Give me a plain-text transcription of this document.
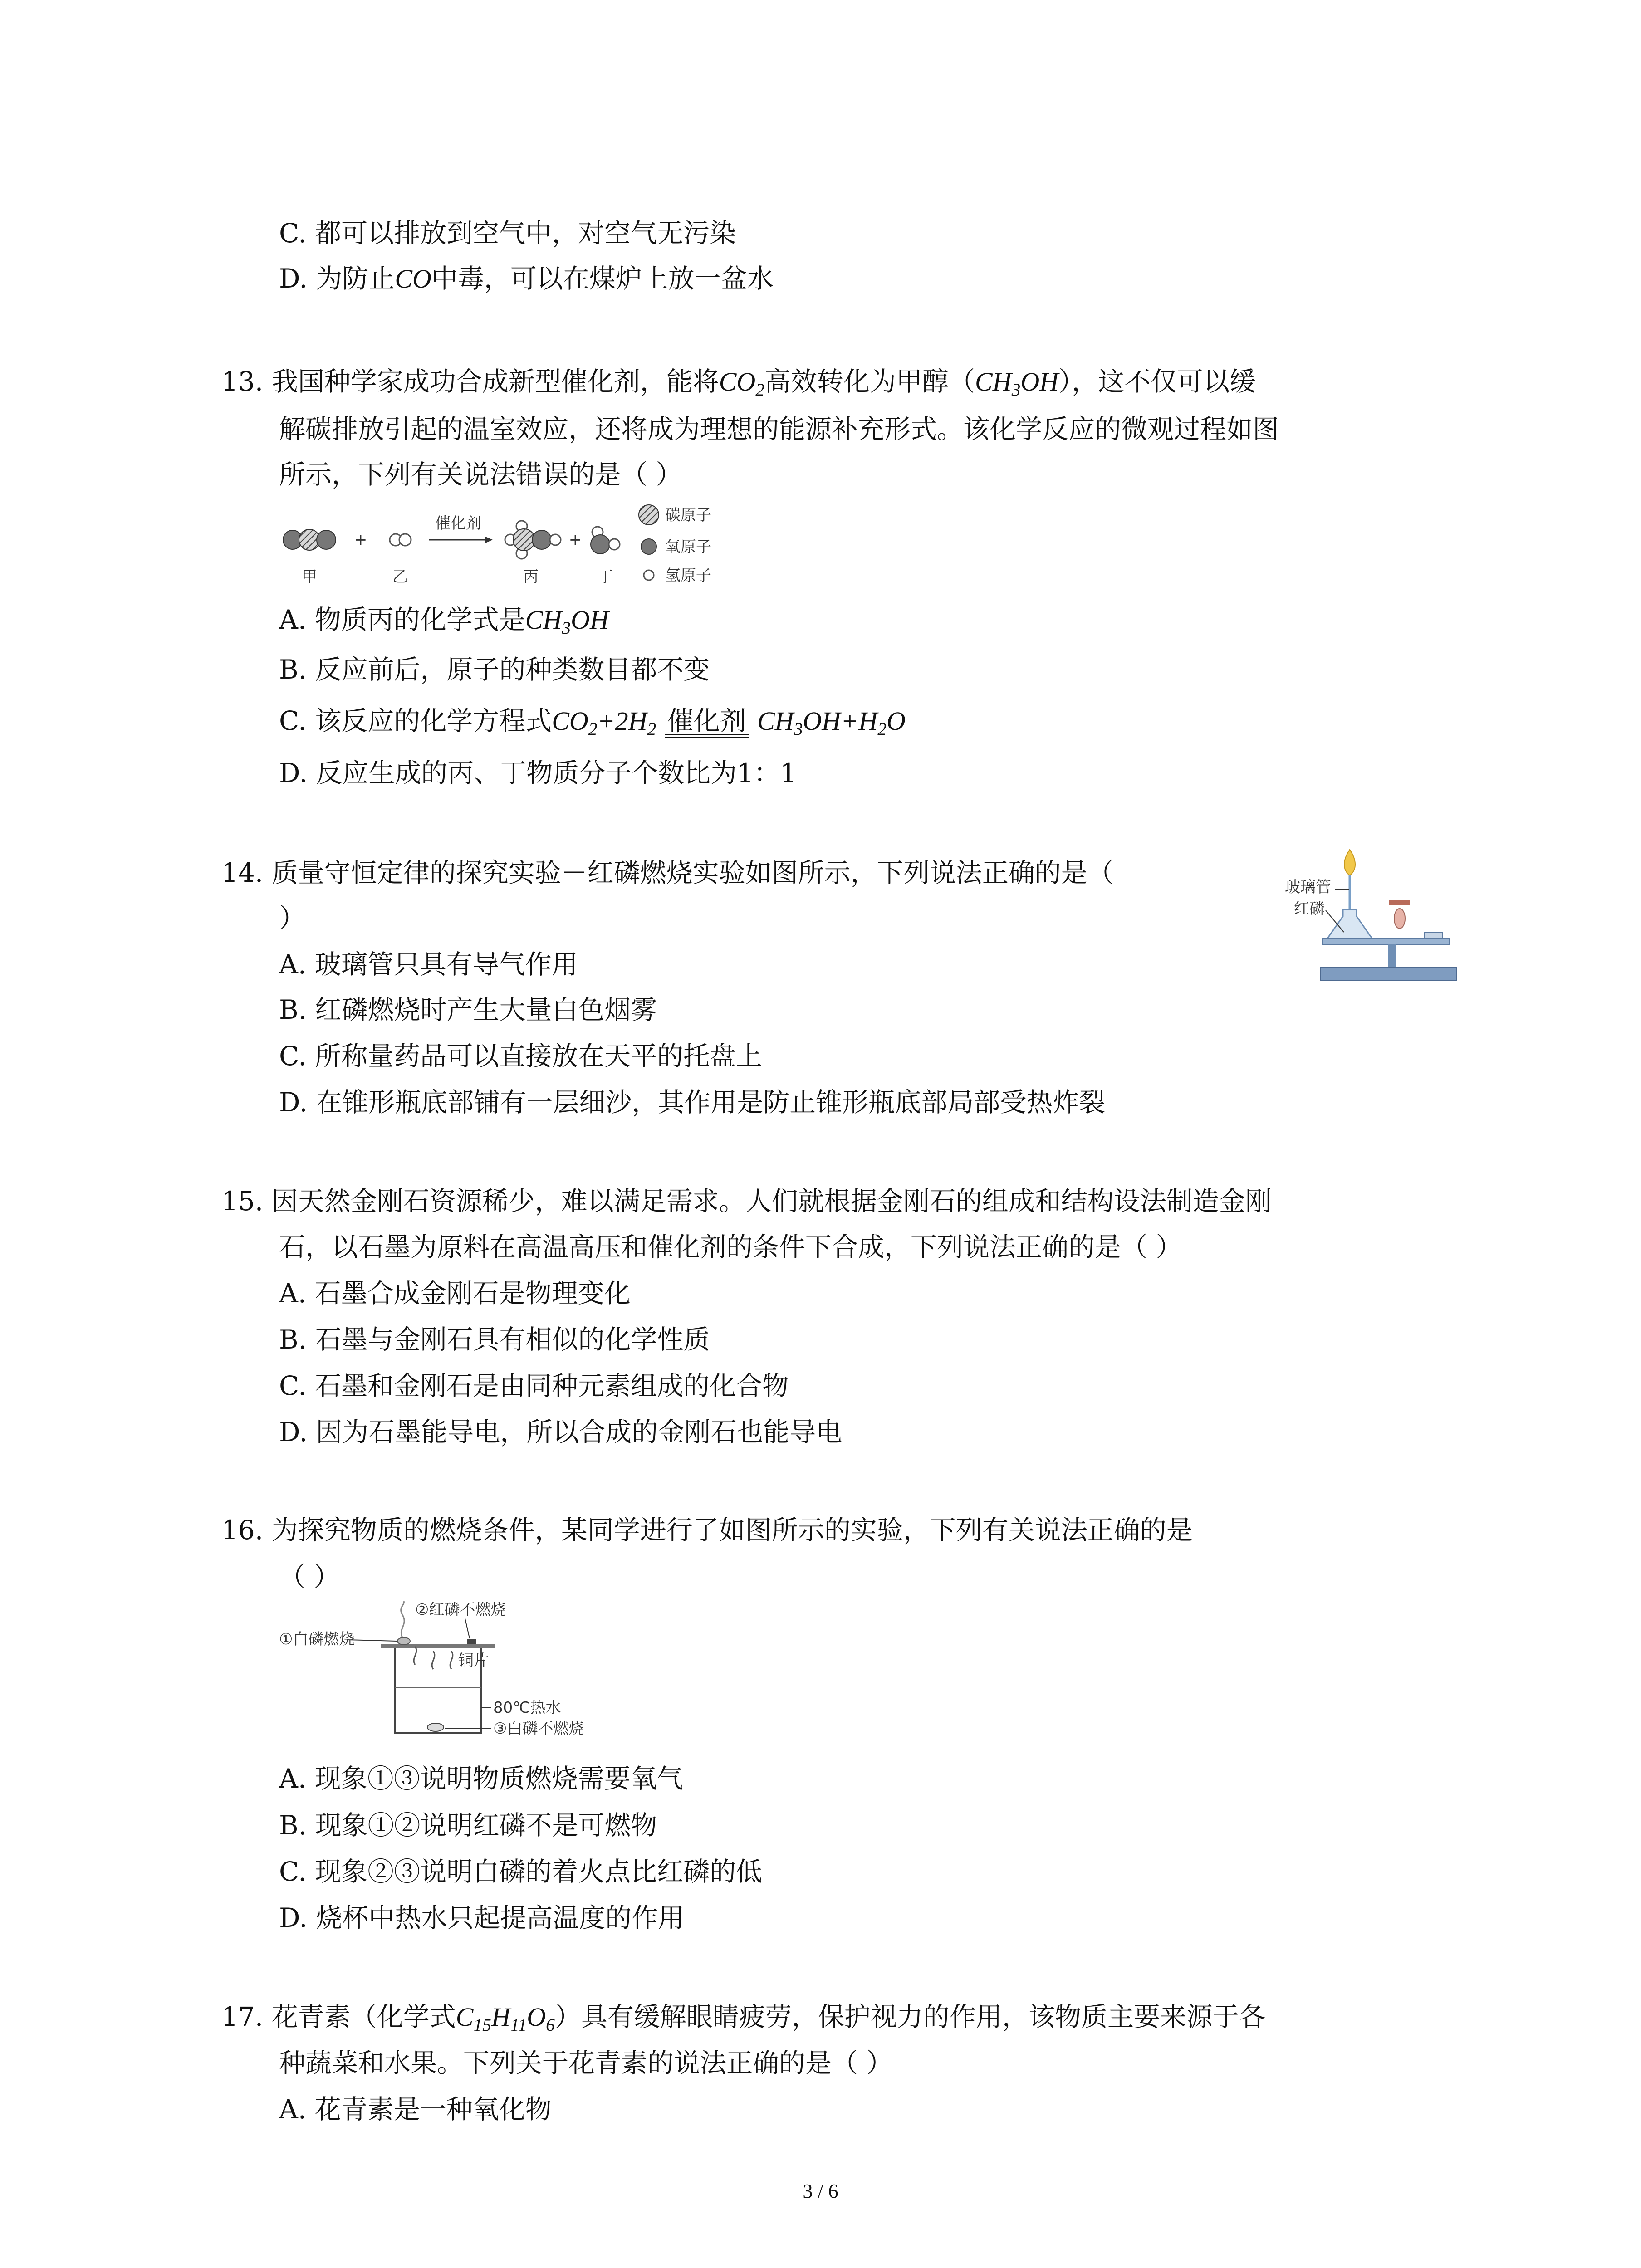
C. 都可以排放到空气中，对空气无污染
D. 为防止CO中毒，可以在煤炉上放一盆水
13. 我国种学家成功合成新型催化剂，能将$CO_2$高效转化为甲醇$(CH_3OH)$，这不仅可以缓
解碳排放引起的温室效应，还将成为理想的能源补充形式。该化学反应的微观过程如图
所示，下列有关说法错误的是（ ）
+
催化剂
+
甲	乙	丙	丁
碳原子
氧原子
氢原子
A. 物质丙的化学式是$CH_3OH$
B. 反应前后，原子的种类数目都不变
C. 该反应的化学方程式$CO_2+2H_2$ 催化剂 $CH_3OH+H_2O$
D. 反应生成的丙、丁物质分子个数比为1：1
14. 质量守恒定律的探究实验－红磷燃烧实验如图所示，下列说法正确的是（
）
玻璃管
红磷
A. 玻璃管只具有导气作用
B. 红磷燃烧时产生大量白色烟雾
C. 所称量药品可以直接放在天平的托盘上
D. 在锥形瓶底部铺有一层细沙，其作用是防止锥形瓶底部局部受热炸裂
15. 因天然金刚石资源稀少，难以满足需求。人们就根据金刚石的组成和结构设法制造金刚
石，以石墨为原料在高温高压和催化剂的条件下合成，下列说法正确的是（ ）
A. 石墨合成金刚石是物理变化
B. 石墨与金刚石具有相似的化学性质
C. 石墨和金刚石是由同种元素组成的化合物
D. 因为石墨能导电，所以合成的金刚石也能导电
16. 为探究物质的燃烧条件，某同学进行了如图所示的实验，下列有关说法正确的是
（ ）
②红磷不燃烧
①白磷燃烧
铜片
80℃热水
③白磷不燃烧
A. 现象①③说明物质燃烧需要氧气
B. 现象①②说明红磷不是可燃物
C. 现象②③说明白磷的着火点比红磷的低
D. 烧杯中热水只起提高温度的作用
17. 花青素（化学式$C_{15}H_{11}O_6$）具有缓解眼睛疲劳，保护视力的作用，该物质主要来源于各
种蔬菜和水果。下列关于花青素的说法正确的是（ ）
A. 花青素是一种氧化物
3 / 6
